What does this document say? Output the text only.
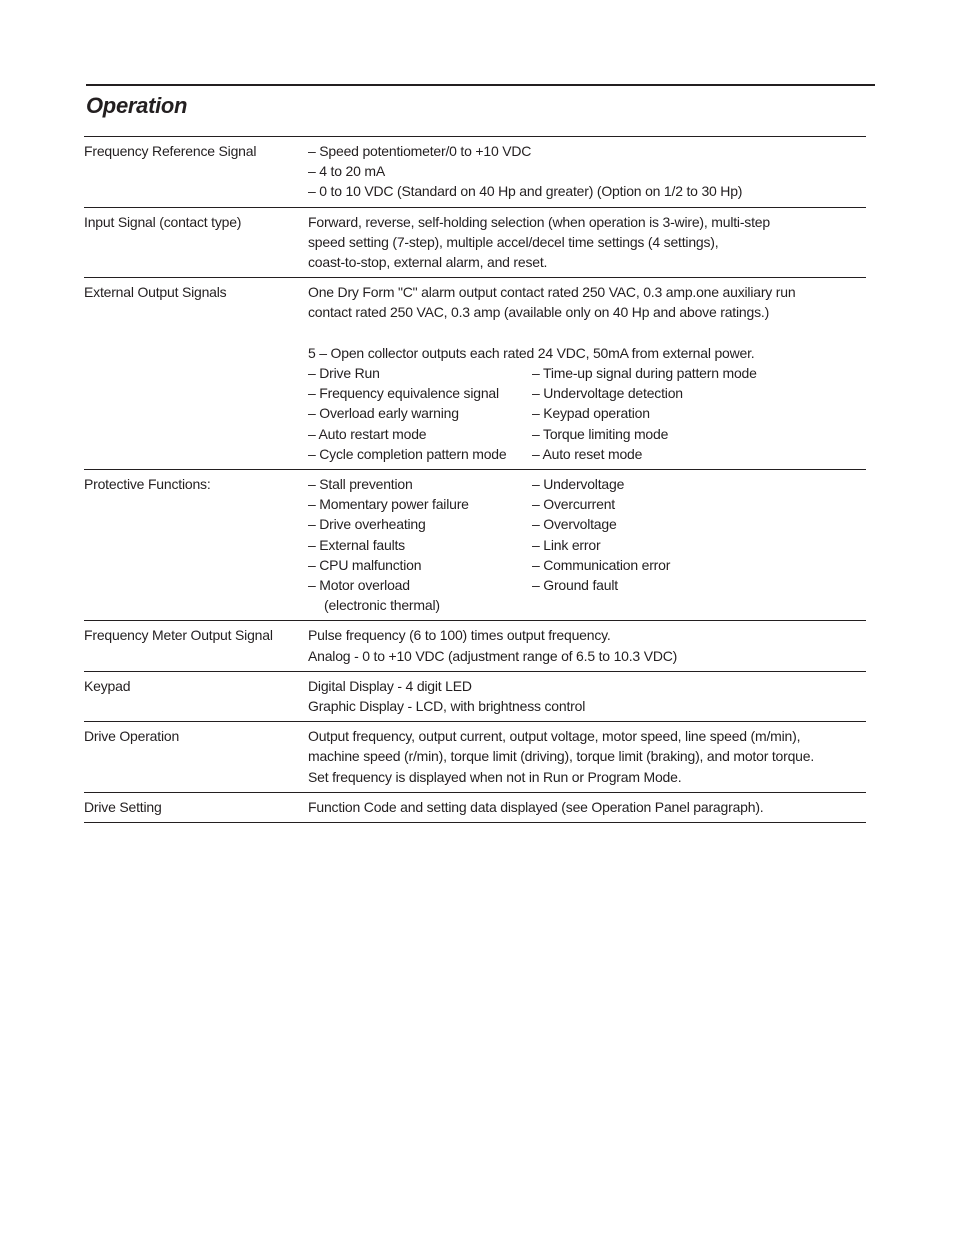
Operation
Frequency Reference Signal	– Speed potentiometer/0 to +10 VDC
– 4 to 20 mA
– 0 to 10 VDC (Standard on 40 Hp and greater) (Option on 1/2 to 30 Hp)
Input Signal (contact type)	Forward, reverse, self-holding selection (when operation is 3-wire), multi-step
speed setting (7-step), multiple accel/decel time settings (4 settings),
coast-to-stop, external alarm, and reset.
External Output Signals	One Dry Form "C" alarm output contact rated 250 VAC, 0.3 amp.one auxiliary run
contact rated 250 VAC, 0.3 amp (available only on 40 Hp and above ratings.)
5 – Open collector outputs each rated 24 VDC, 50mA from external power.
– Drive Run	– Time-up signal during pattern mode
– Frequency equivalence signal	– Undervoltage detection
– Overload early warning	– Keypad operation
– Auto restart mode	– Torque limiting mode
– Cycle completion pattern mode	– Auto reset mode
Protective Functions:	– Stall prevention	– Undervoltage
– Momentary power failure	– Overcurrent
– Drive overheating	– Overvoltage
– External faults	– Link error
– CPU malfunction	– Communication error
– Motor overload	– Ground fault
(electronic thermal)
Frequency Meter Output Signal	Pulse frequency (6 to 100) times output frequency.
Analog - 0 to +10 VDC (adjustment range of 6.5 to 10.3 VDC)
Keypad	Digital Display - 4 digit LED
Graphic Display - LCD, with brightness control
Drive Operation	Output frequency, output current, output voltage, motor speed, line speed (m/min),
machine speed (r/min), torque limit (driving), torque limit (braking), and motor torque.
Set frequency is displayed when not in Run or Program Mode.
Drive Setting	Function Code and setting data displayed (see Operation Panel paragraph).
